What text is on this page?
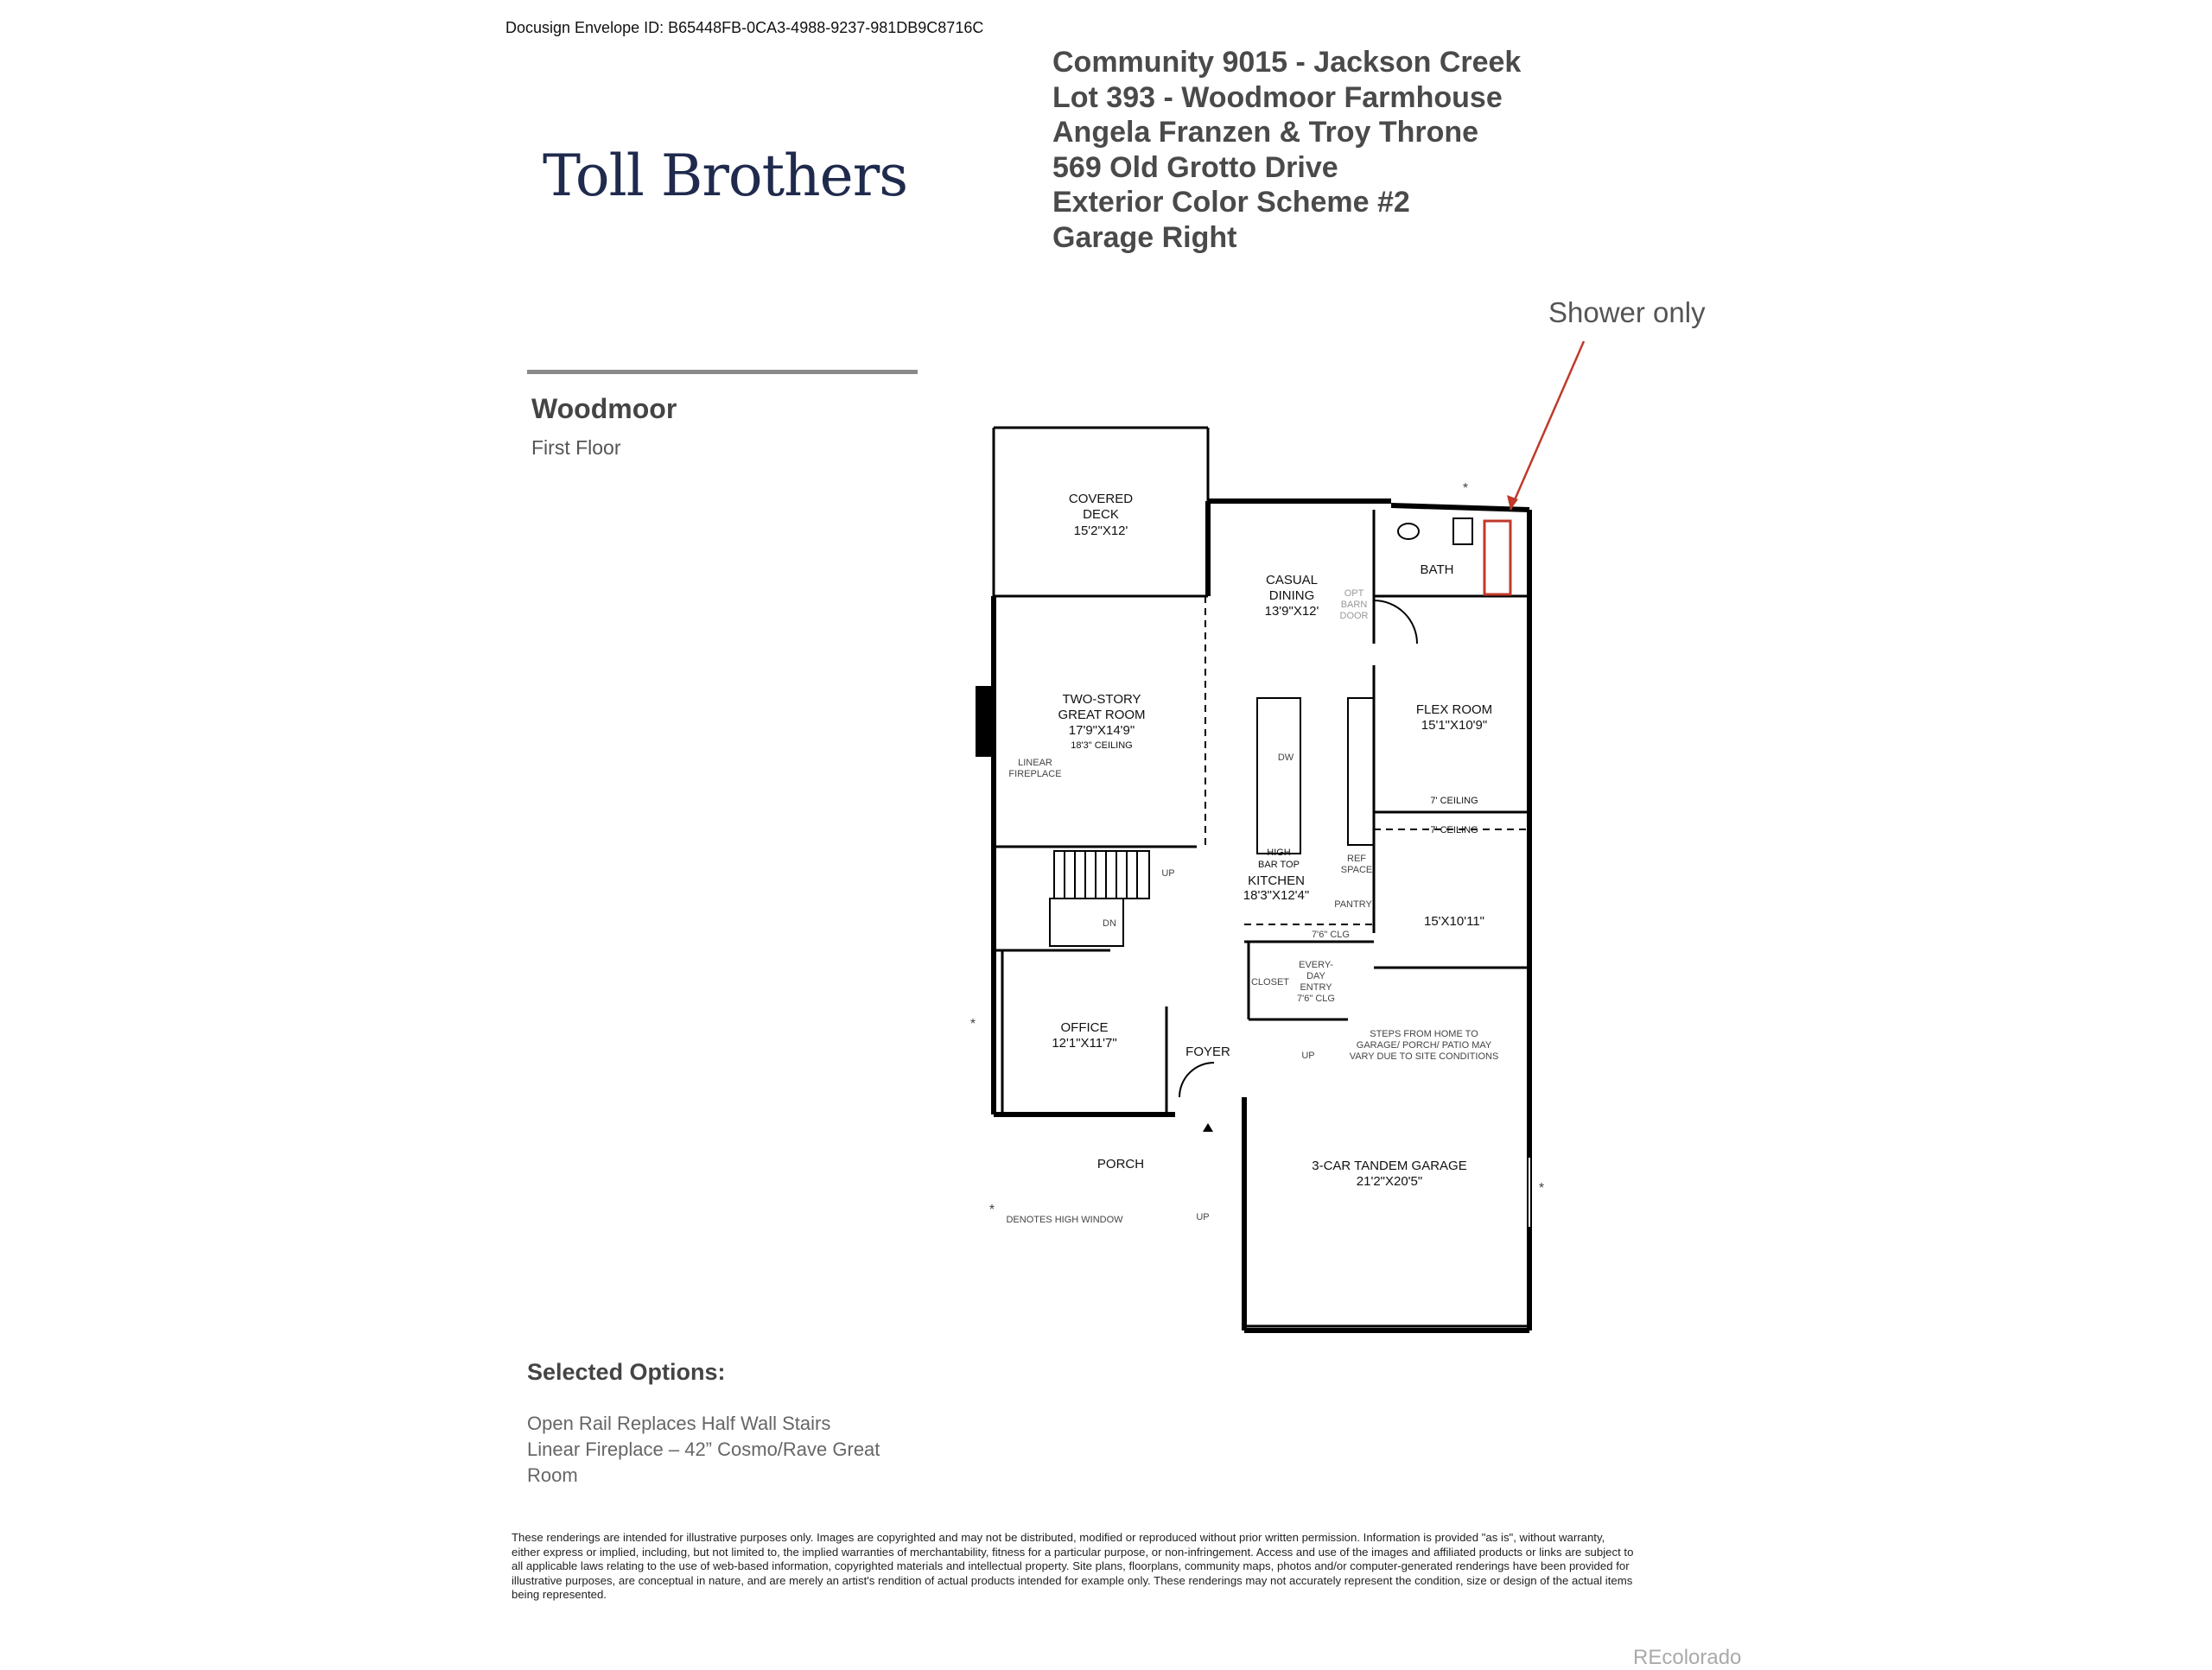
Docusign Envelope ID: B65448FB-0CA3-4988-9237-981DB9C8716C
Toll Brothers
Community 9015 - Jackson Creek
Lot 393 - Woodmoor Farmhouse
Angela Franzen & Troy Throne
569 Old Grotto Drive
Exterior Color Scheme #2
Garage Right
Woodmoor
First Floor
Shower only
COVERED
DECK
15'2"X12'
CASUAL
DINING
13'9"X12'
BATH
TWO-STORY
GREAT ROOM
17'9"X14'9"
18'3" CEILING
FLEX ROOM
15'1"X10'9"
7' CEILING
7' CEILING
HIGH
BAR TOP
KITCHEN
18'3"X12'4"
15'X10'11"
OFFICE
12'1"X11'7"
FOYER
PORCH	3-CAR TANDEM GARAGE
21'2"X20'5"
OPT
BARN
DOOR
LINEAR
FIREPLACE
DW
REF
SPACE
PANTRY
UP
DN
7'6" CLG
CLOSET
EVERY-
DAY
ENTRY
7'6" CLG
UP
STEPS FROM HOME TO
GARAGE/ PORCH/ PATIO MAY
VARY DUE TO SITE CONDITIONS
UP
DENOTES HIGH WINDOW
*
*
*
*
Selected Options:
Open Rail Replaces Half Wall Stairs
Linear Fireplace – 42” Cosmo/Rave Great Room
These renderings are intended for illustrative purposes only. Images are copyrighted and may not be distributed, modified or reproduced without prior written permission. Information is provided "as is", without warranty, either express or implied, including, but not limited to, the implied warranties of merchantability, fitness for a particular purpose, or non-infringement. Access and use of the images and affiliated products or links are subject to all applicable laws relating to the use of web-based information, copyrighted materials and intellectual property. Site plans, floorplans, community maps, photos and/or computer-generated renderings have been provided for illustrative purposes, are conceptual in nature, and are merely an artist's rendition of actual products intended for example only. These renderings may not accurately represent the condition, size or design of the actual items being represented.
REcolorado
